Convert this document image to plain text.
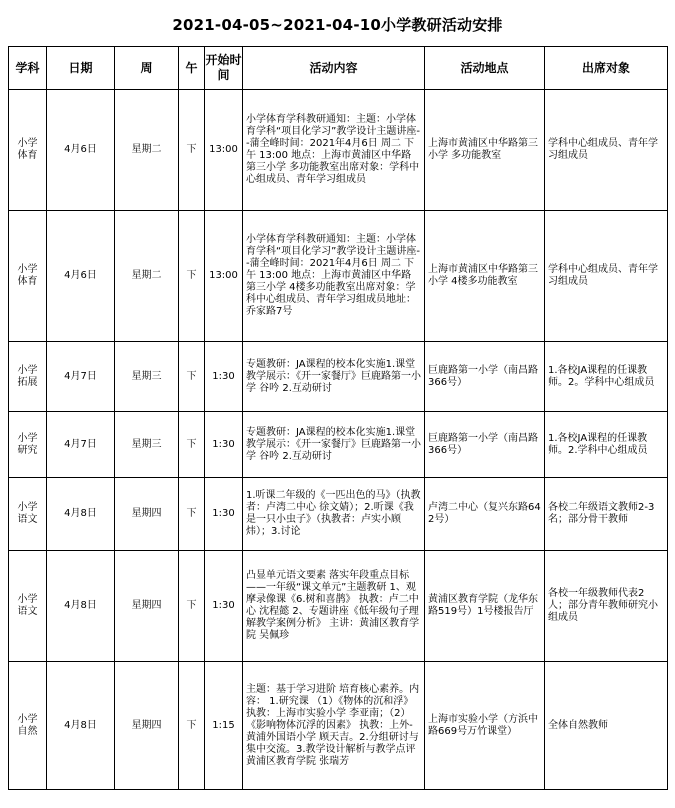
2021-04-05~2021-04-10小学教研活动安排
学科	日期	周	午	开始时间	活动内容	活动地点	出席对象
小学体育	4月6日	星期二	下	13:00	小学体育学科教研通知：主题：小学体育学科“项目化学习”教学设计主题讲座--蒲全峰时间：2021年4月6日 周二 下午 13:00 地点：上海市黄浦区中华路第三小学 多功能教室出席对象：学科中心组成员、青年学习组成员	上海市黄浦区中华路第三小学 多功能教室	学科中心组成员、青年学习组成员
小学体育	4月6日	星期二	下	13:00	小学体育学科教研通知：主题：小学体育学科“项目化学习”教学设计主题讲座--蒲全峰时间：2021年4月6日 周二 下午 13:00 地点：上海市黄浦区中华路第三小学 4楼多功能教室出席对象：学科中心组成员、青年学习组成员地址：乔家路7号	上海市黄浦区中华路第三小学 4楼多功能教室	学科中心组成员、青年学习组成员
小学拓展	4月7日	星期三	下	1:30	专题教研：JA课程的校本化实施1.课堂教学展示：《开一家餐厅》巨鹿路第一小学 谷吟 2.互动研讨	巨鹿路第一小学（南昌路366号）	1.各校JA课程的任课教师。2。学科中心组成员
小学研究	4月7日	星期三	下	1:30	专题教研：JA课程的校本化实施1.课堂教学展示：《开一家餐厅》巨鹿路第一小学 谷吟 2.互动研讨	巨鹿路第一小学（南昌路366号）	1.各校JA课程的任课教师。2.学科中心组成员
小学语文	4月8日	星期四	下	1:30	1.听课二年级的《一匹出色的马》（执教者：卢湾二中心 徐文婧）；2.听课《我是一只小虫子》（执教者：卢实小顾炜）；3.讨论	卢湾二中心（复兴东路642号）	各校二年级语文教师2-3名；部分骨干教师
小学语文	4月8日	星期四	下	1:30	凸显单元语文要素 落实年段重点目标 ——一年级“课文单元”主题教研 1、观摩录像课《6.树和喜鹊》 执教：卢二中心 沈程懿 2、专题讲座《低年级句子理解教学案例分析》 主讲：黄浦区教育学院 吴佩珍	黄浦区教育学院（龙华东路519号）1号楼报告厅	各校一年级教师代表2人；部分青年教师研究小组成员
小学自然	4月8日	星期四	下	1:15	主题：基于学习进阶 培育核心素养。内容： 1.研究课 （1）《物体的沉和浮》 执教：上海市实验小学 李亚南；（2）《影响物体沉浮的因素》 执教：上外-黄浦外国语小学 顾天吉。2.分组研讨与集中交流。3.教学设计解析与教学点评 黄浦区教育学院 张瑞芳	上海市实验小学（方浜中路669号万竹课堂）	全体自然教师
